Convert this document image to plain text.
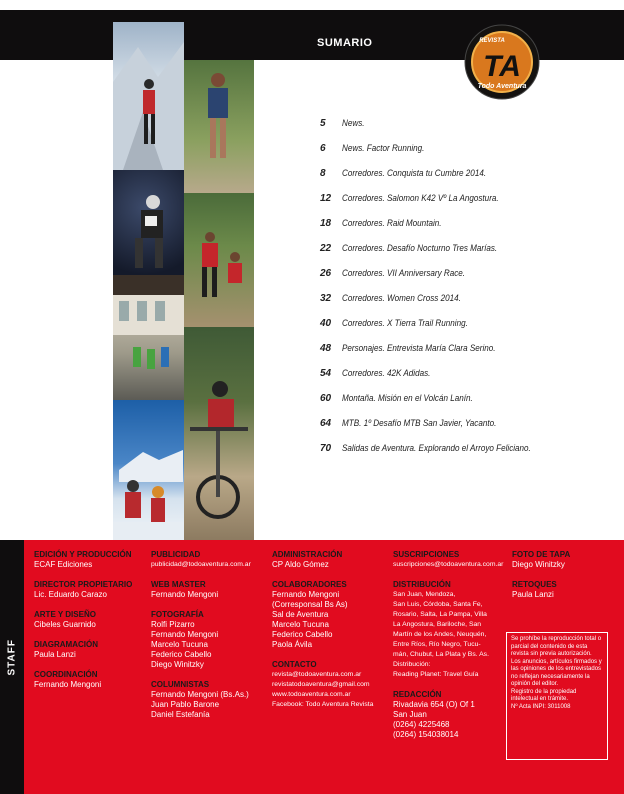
SUMARIO
TA
REVISTA
Todo Aventura
5	News.
6	News. Factor Running.
8	Corredores. Conquista tu Cumbre 2014.
12	Corredores. Salomon K42 Vº La Angostura.
18	Corredores. Raid Mountain.
22	Corredores. Desafío Nocturno Tres Marías.
26	Corredores. VII Anniversary Race.
32	Corredores. Women Cross 2014.
40	Corredores. X Tierra Trail Running.
48	Personajes. Entrevista María Clara Serino.
54	Corredores. 42K Adidas.
60	Montaña. Misión en el Volcán Lanín.
64	MTB. 1º Desafío MTB San Javier, Yacanto.
70	Salidas de Aventura. Explorando el Arroyo Feliciano.
STAFF
EDICIÓN Y PRODUCCIÓN
ECAF Ediciones
DIRECTOR PROPIETARIO
Lic. Eduardo Carazo
ARTE Y DISEÑO
Cibeles Guarnido
DIAGRAMACIÓN
Paula Lanzi
COORDINACIÓN
Fernando Mengoni
PUBLICIDAD
publicidad@todoaventura.com.ar
WEB MASTER
Fernando Mengoni
FOTOGRAFÍA
Rolfi Pizarro
Fernando Mengoni
Marcelo Tucuna
Federico Cabello
Diego Winitzky
COLUMNISTAS
Fernando Mengoni (Bs.As.)
Juan Pablo Barone
Daniel Estefanía
ADMINISTRACIÓN
CP Aldo Gómez
COLABORADORES
Fernando Mengoni
(Corresponsal Bs As)
Sal de Aventura
Marcelo Tucuna
Federico Cabello
Paola Ávila
CONTACTO
revista@todoaventura.com.ar
revistatodoaventura@gmail.com
www.todoaventura.com.ar
Facebook: Todo Aventura Revista
SUSCRIPCIONES
suscripciones@todoaventura.com.ar
DISTRIBUCIÓN
San Juan, Mendoza,
San Luis, Córdoba, Santa Fe,
Rosario, Salta, La Pampa, Villa
La Angostura, Bariloche, San
Martín de los Andes, Neuquén,
Entre Ríos, Río Negro, Tucu-
mán, Chubut, La Plata y Bs. As.
Distribución:
Reading Planet: Travel Guía
REDACCIÓN
Rivadavia 654 (O) Of 1
San Juan
(0264) 4225468
(0264) 154038014
FOTO DE TAPA
Diego Winitzky
RETOQUES
Paula Lanzi
Se prohíbe la reproducción total o parcial del contenido de esta revista sin previa autorización.
Los anuncios, artículos firmados y las opiniones de los entrevistados no reflejan necesariamente la opinión del editor.
Registro de la propiedad intelectual en trámite.
Nº Acta INPI: 3011008
